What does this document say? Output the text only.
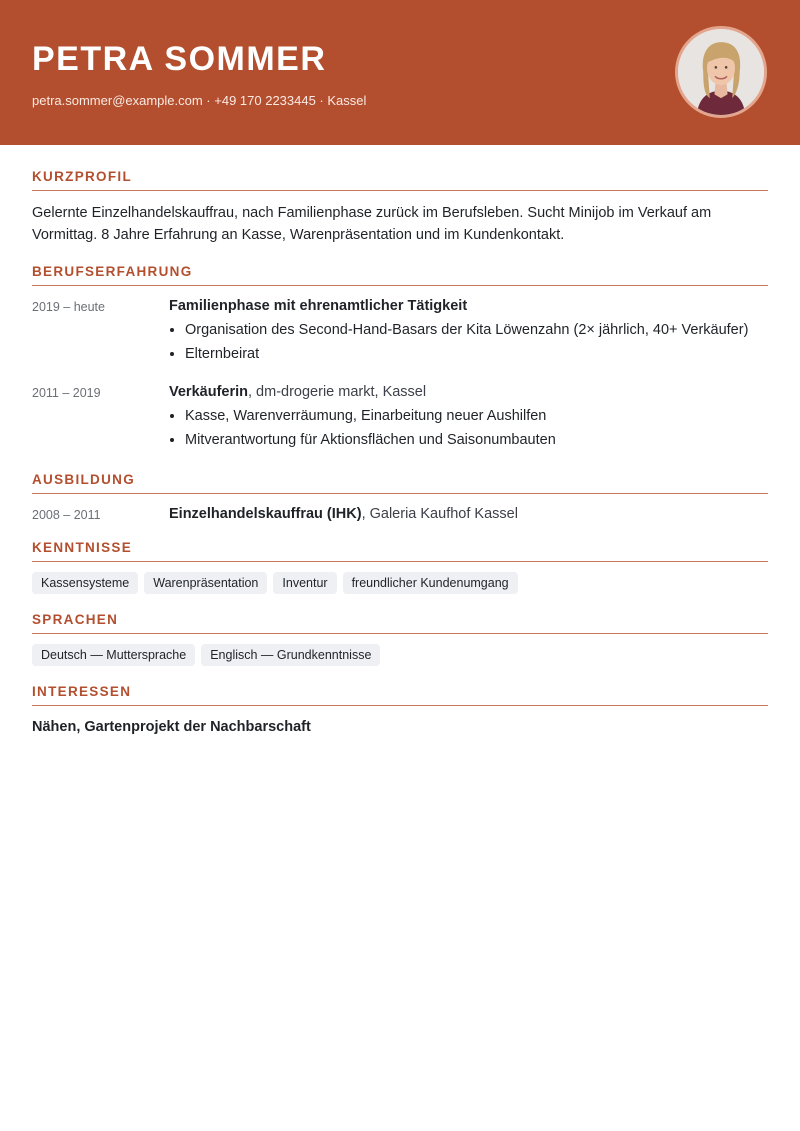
PETRA SOMMER
petra.sommer@example.com · +49 170 2233445 · Kassel
KURZPROFIL
Gelernte Einzelhandelskauffrau, nach Familienphase zurück im Berufsleben. Sucht Minijob im Verkauf am Vormittag. 8 Jahre Erfahrung an Kasse, Warenpräsentation und im Kundenkontakt.
BERUFSERFAHRUNG
2019 – heute	Familienphase mit ehrenamtlicher Tätigkeit
• Organisation des Second-Hand-Basars der Kita Löwenzahn (2× jährlich, 40+ Verkäufer)
• Elternbeirat
2011 – 2019	Verkäuferin, dm-drogerie markt, Kassel
• Kasse, Warenverräumung, Einarbeitung neuer Aushilfen
• Mitverantwortung für Aktionsflächen und Saisonumbauten
AUSBILDUNG
2008 – 2011	Einzelhandelskauffrau (IHK), Galeria Kaufhof Kassel
KENNTNISSE
Kassensysteme	Warenpräsentation	Inventur	freundlicher Kundenumgang
SPRACHEN
Deutsch — Muttersprache	Englisch — Grundkenntnisse
INTERESSEN
Nähen, Gartenprojekt der Nachbarschaft
